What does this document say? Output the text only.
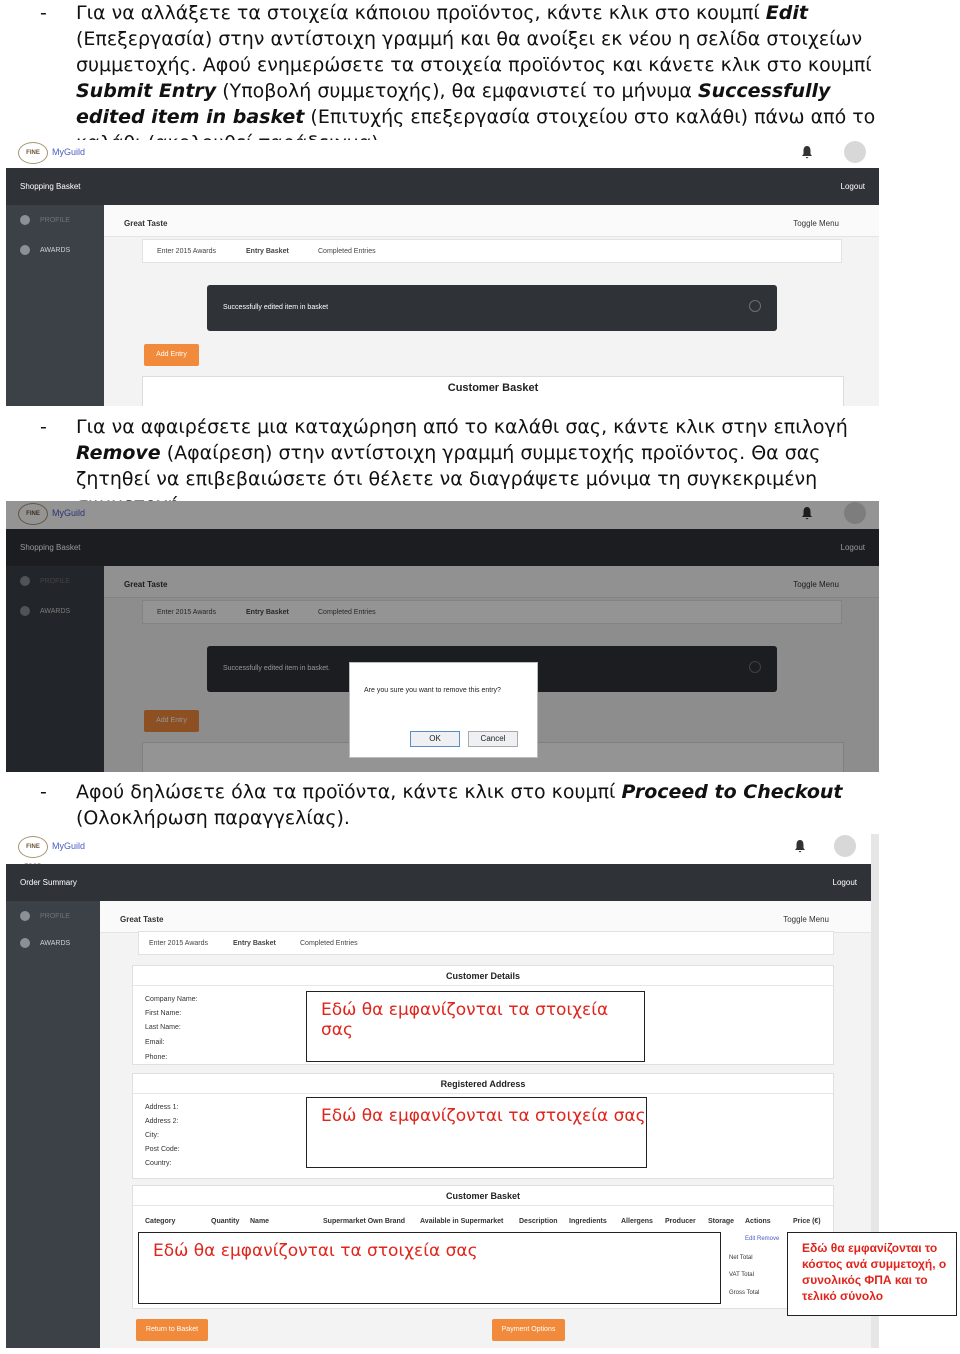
- Για να αλλάξετε τα στοιχεία κάποιου προϊόντος, κάντε κλικ στο κουμπί Edit (Επεξεργασία) στην αντίστοιχη γραμμή και θα ανοίξει εκ νέου η σελίδα στοιχείων συμμετοχής. Αφού ενημερώσετε τα στοιχεία προϊόντος και κάνετε κλικ στο κουμπί Submit Entry (Υποβολή συμμετοχής), θα εμφανιστεί το μήνυμα Successfully edited item in basket (Επιτυχής επεξεργασία στοιχείου στο καλάθι) πάνω από το
FINE	MyGuild
Shopping Basket	Logout
PROFILE
AWARDS
Great Taste	Toggle Menu
Enter 2015 Awards	Entry Basket	Completed Entries
Successfully edited item in basket
Add Entry
Customer Basket
- Για να αφαιρέσετε μια καταχώρηση από το καλάθι σας, κάντε κλικ στην επιλογή Remove (Αφαίρεση) στην αντίστοιχη γραμμή συμμετοχής προϊόντος. Θα σας ζητηθεί να επιβεβαιώσετε ότι θέλετε να διαγράψετε μόνιμα τη συγκεκριμένη
FINE	MyGuild
Shopping Basket	Logout
PROFILE
AWARDS
Great Taste	Toggle Menu
Enter 2015 Awards	Entry Basket	Completed Entries
Successfully edited item in basket.
Add Entry
Are you sure you want to remove this entry?
OK	Cancel
- Αφού δηλώσετε όλα τα προϊόντα, κάντε κλικ στο κουμπί Proceed to Checkout (Ολοκλήρωση παραγγελίας).
FINE	MyGuild
Order Summary	Logout
PROFILE
AWARDS
Great Taste	Toggle Menu
Enter 2015 Awards	Entry Basket	Completed Entries
Customer Details
Company Name:
First Name:
Last Name:
Email:
Phone:
Registered Address
Address 1:
Address 2:
City:
Post Code:
Country:
Customer Basket
Category	Quantity Name	Supermarket Own Brand Available in Supermarket Description Ingredients Allergens Producer Storage Actions	Price (€)
Edit Remove
Net Total
VAT Total
Gross Total
Return to Basket	Payment Options
Εδώ θα εμφανίζονται τα στοιχεία σας
Εδώ θα εμφανίζονται τα στοιχεία σας
Εδώ θα εμφανίζονται τα στοιχεία σας	Εδώ θα εμφανίζονται το κόστος ανά συμμετοχή, ο συνολικός ΦΠΑ και το τελικό σύνολο
